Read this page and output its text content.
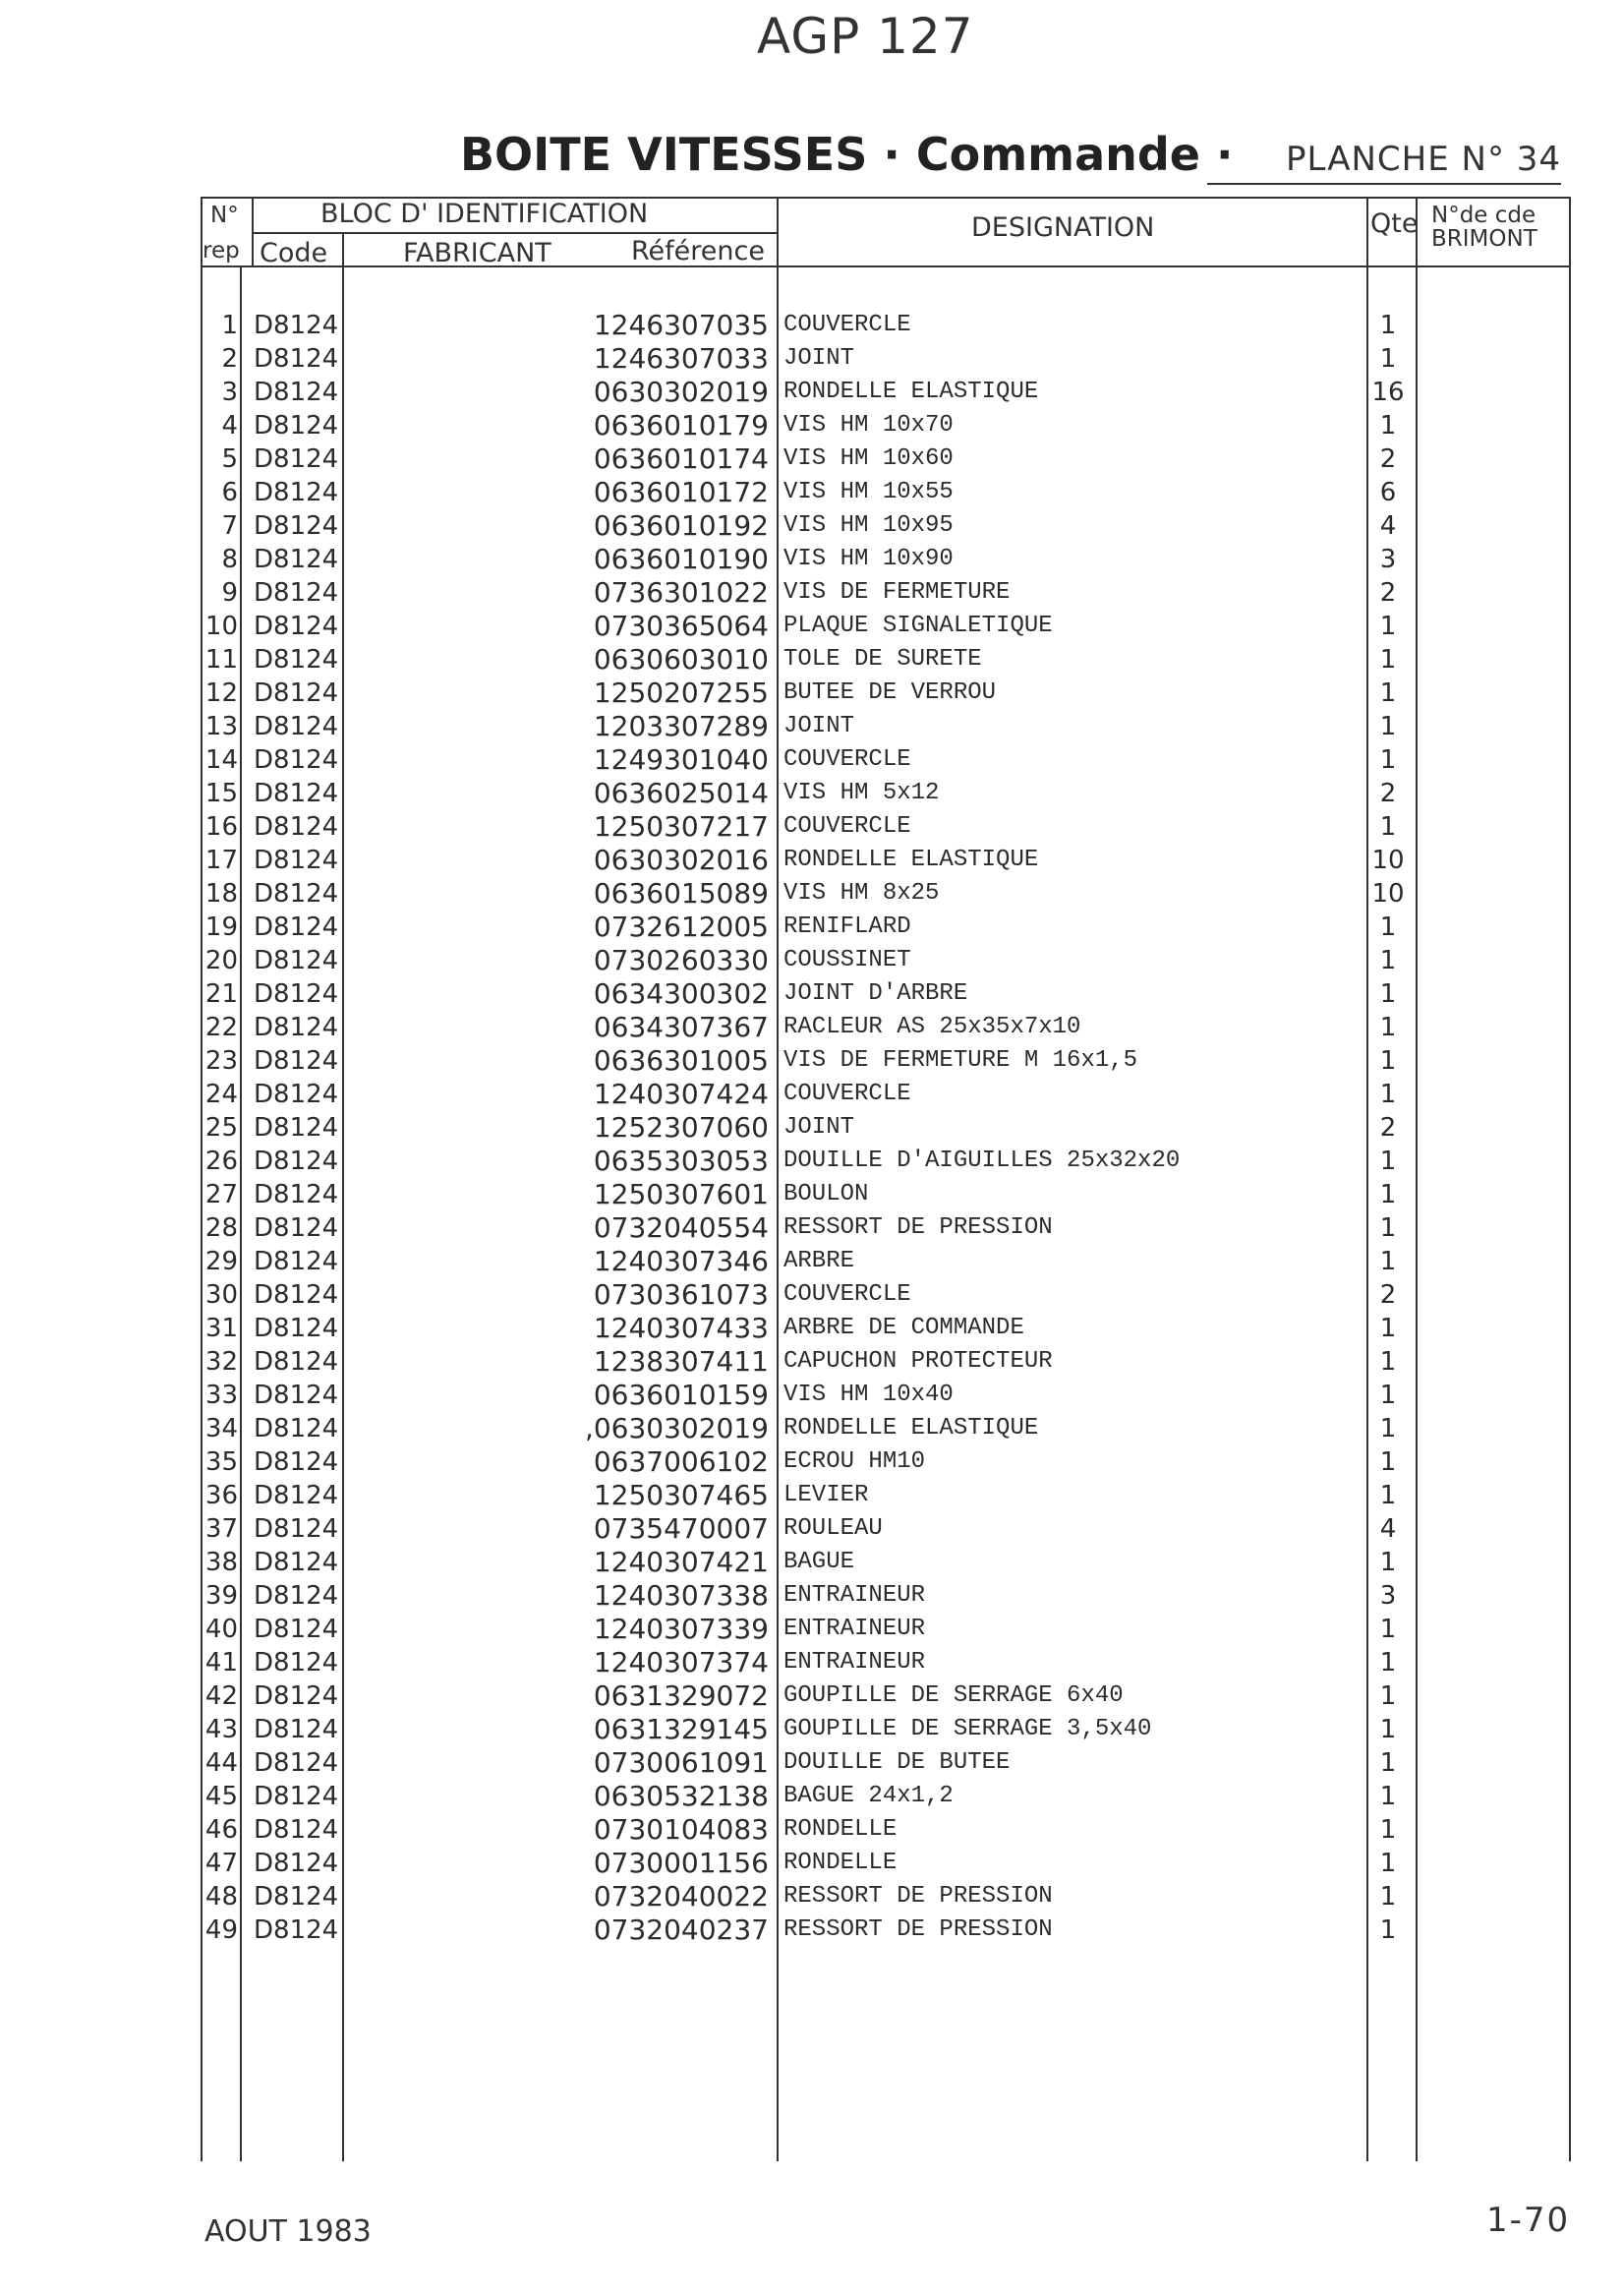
AGP 127
BOITE VITESSES · Commande · PLANCHE N° 34
N°
rep
BLOC D' IDENTIFICATION
Code	FABRICANT	Référence
DESIGNATION	Qte N°de cde
BRIMONT
1 D8124	1246307035 COUVERCLE	1
2 D8124	1246307033 JOINT	1
3 D8124	0630302019 RONDELLE ELASTIQUE	16
4 D8124	0636010179 VIS HM 10x70	1
5 D8124	0636010174 VIS HM 10x60	2
6 D8124	0636010172 VIS HM 10x55	6
7 D8124	0636010192 VIS HM 10x95	4
8 D8124	0636010190 VIS HM 10x90	3
9 D8124	0736301022 VIS DE FERMETURE	2
10 D8124	0730365064 PLAQUE SIGNALETIQUE	1
11 D8124	0630603010 TOLE DE SURETE	1
12 D8124	1250207255 BUTEE DE VERROU	1
13 D8124	1203307289 JOINT	1
14 D8124	1249301040 COUVERCLE	1
15 D8124	0636025014 VIS HM 5x12	2
16 D8124	1250307217 COUVERCLE	1
17 D8124	0630302016 RONDELLE ELASTIQUE	10
18 D8124	0636015089 VIS HM 8x25	10
19 D8124	0732612005 RENIFLARD	1
20 D8124	0730260330 COUSSINET	1
21 D8124	0634300302 JOINT D'ARBRE	1
22 D8124	0634307367 RACLEUR AS 25x35x7x10	1
23 D8124	0636301005 VIS DE FERMETURE M 16x1,5	1
24 D8124	1240307424 COUVERCLE	1
25 D8124	1252307060 JOINT	2
26 D8124	0635303053 DOUILLE D'AIGUILLES 25x32x20	1
27 D8124	1250307601 BOULON	1
28 D8124	0732040554 RESSORT DE PRESSION	1
29 D8124	1240307346 ARBRE	1
30 D8124	0730361073 COUVERCLE	2
31 D8124	1240307433 ARBRE DE COMMANDE	1
32 D8124	1238307411 CAPUCHON PROTECTEUR	1
33 D8124	0636010159 VIS HM 10x40	1
34 D8124	,0630302019 RONDELLE ELASTIQUE	1
35 D8124	0637006102 ECROU HM10	1
36 D8124	1250307465 LEVIER	1
37 D8124	0735470007 ROULEAU	4
38 D8124	1240307421 BAGUE	1
39 D8124	1240307338 ENTRAINEUR	3
40 D8124	1240307339 ENTRAINEUR	1
41 D8124	1240307374 ENTRAINEUR	1
42 D8124	0631329072 GOUPILLE DE SERRAGE 6x40	1
43 D8124	0631329145 GOUPILLE DE SERRAGE 3,5x40	1
44 D8124	0730061091 DOUILLE DE BUTEE	1
45 D8124	0630532138 BAGUE 24x1,2	1
46 D8124	0730104083 RONDELLE	1
47 D8124	0730001156 RONDELLE	1
48 D8124	0732040022 RESSORT DE PRESSION	1
49 D8124	0732040237 RESSORT DE PRESSION	1
AOUT 1983	1-70
